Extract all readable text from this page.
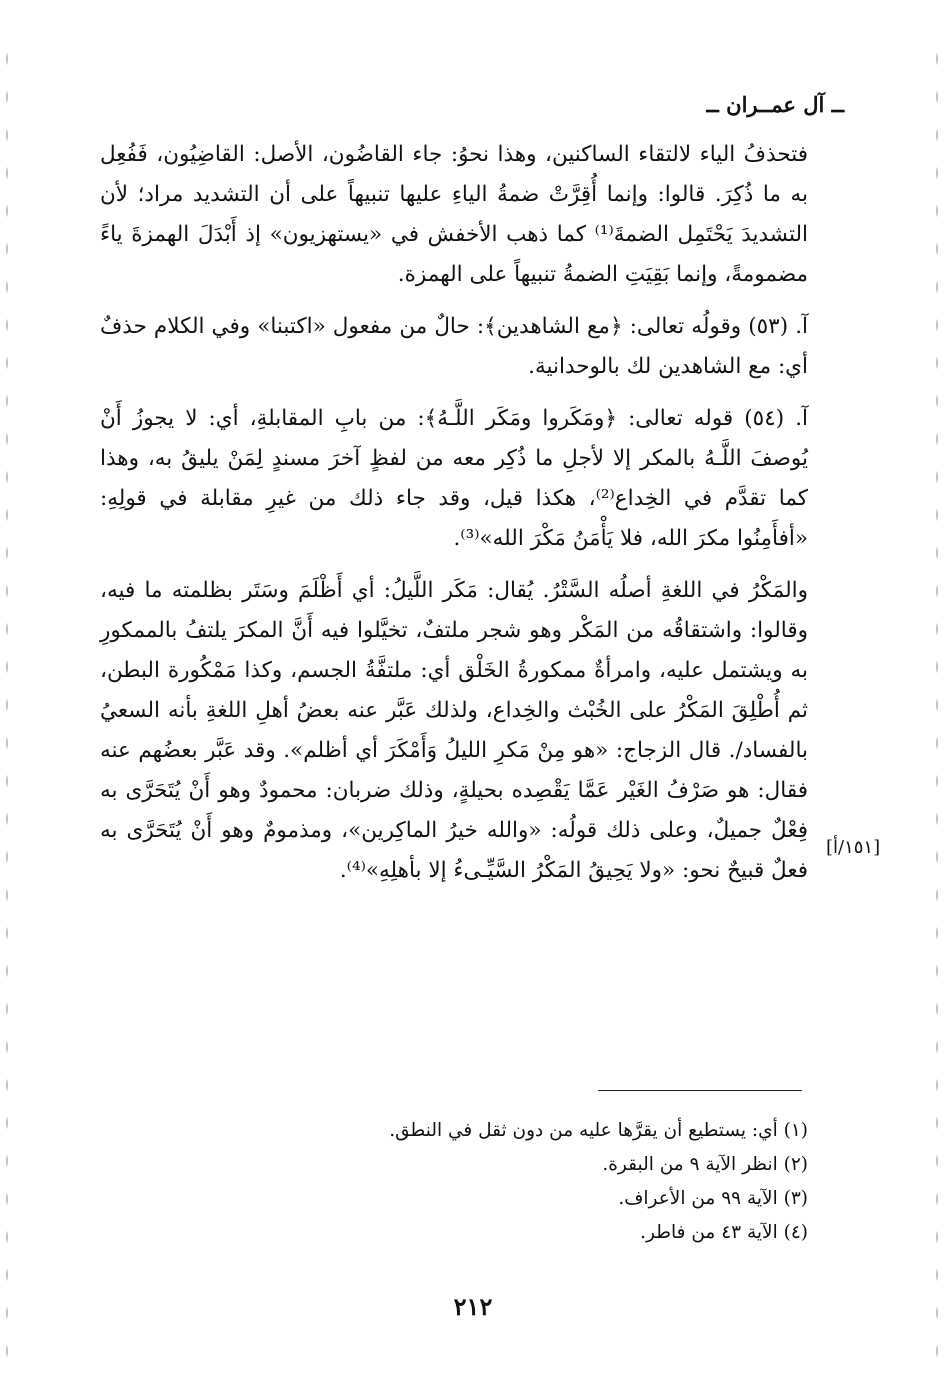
ــ آل عمــران ــ

فتحذفُ الياء لالتقاء الساكنين، وهذا نحوُ: جاء القاضُون، الأصل: القاضِيُون، فَفُعِل به ما ذُكِرَ. قالوا: وإنما أُقِرَّتْ ضمةُ الياءِ عليها تنبيهاً على أن التشديد مراد؛ لأن التشديدَ يَحْتَمِل الضمةَ⁽¹⁾ كما ذهب الأخفش في «يستهزيون» إذ أَبْدَلَ الهمزةَ ياءً مضمومةً، وإنما بَقِيَتِ الضمةُ تنبيهاً على الهمزة.

آ. (٥٣) وقولُه تعالى: ﴿مع الشاهدين﴾: حالٌ من مفعول «اكتبنا» وفي الكلام حذفٌ أي: مع الشاهدين لك بالوحدانية.

آ. (٥٤) قوله تعالى: ﴿ومَكَروا ومَكَر اللَّـهُ﴾: من بابِ المقابلةِ، أي: لا يجوزُ أَنْ يُوصفَ اللَّـهُ بالمكر إلا لأجلِ ما ذُكِر معه من لفظٍ آخرَ مسندٍ لِمَنْ يليقُ به، وهذا كما تقدَّم في الخِداع⁽²⁾، هكذا قيل، وقد جاء ذلك من غيرِ مقابلة في قولِهِ: «أفأَمِنُوا مكرَ الله، فلا يَأْمَنُ مَكْرَ الله»⁽³⁾.

والمَكْرُ في اللغةِ أصلُه السَّتْرُ. يُقال: مَكَر اللَّيلُ: أي أَظْلَمَ وسَتَر بظلمته ما فيه، وقالوا: واشتقاقُه من المَكْر وهو شجر ملتفٌ، تخيَّلوا فيه أَنَّ المكرَ يلتفُ بالممكورِ به ويشتمل عليه، وامرأةٌ ممكورةُ الخَلْق أي: ملتفَّةُ الجسم، وكذا مَمْكُورة البطن، ثم أُطْلِقَ المَكْرُ على الخُبْث والخِداع، ولذلك عَبَّر عنه بعضُ أهلِ اللغةِ بأنه السعيُ بالفساد/. قال الزجاج: «هو مِنْ مَكرِ الليلُ وَأَمْكَرَ أي أظلم». وقد عَبَّر بعضُهم عنه فقال: هو صَرْفُ الغَيْر عَمَّا يَقْصِده بحيلةٍ، وذلك ضربان: محمودٌ وهو أَنْ يُتَحَرَّى به فِعْلٌ جميلٌ، وعلى ذلك قولُه: «والله خيرُ الماكِرين»، ومذمومٌ وهو أَنْ يُتَحَرَّى به فعلٌ قبيحٌ نحو: «ولا يَحِيقُ المَكْرُ السَّيِّـىءُ إلا بأهلِهِ»⁽⁴⁾.

[١٥١/أ]
(١) أي: يستطيع أن يقرَّها عليه من دون ثقل في النطق.
(٢) انظر الآية ٩ من البقرة.
(٣) الآية ٩٩ من الأعراف.
(٤) الآية ٤٣ من فاطر.
٢١٢
